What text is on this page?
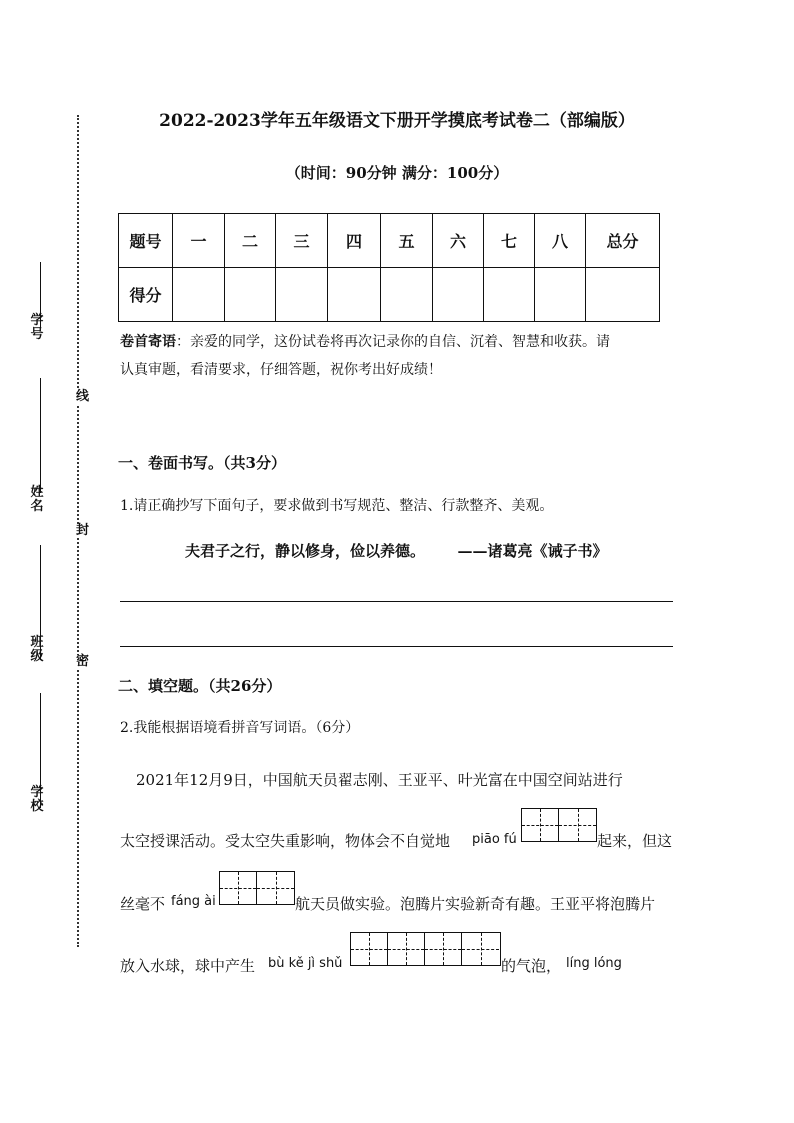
学号
姓名
班级
学校
线
封
密
2022-2023学年五年级语文下册开学摸底考试卷二（部编版）
（时间：90分钟 满分：100分）
题号	一	二	三	四	五	六	七	八	总分
得分									
卷首寄语：亲爱的同学，这份试卷将再次记录你的自信、沉着、智慧和收获。请
认真审题，看清要求，仔细答题，祝你考出好成绩！
一、卷面书写。（共3分）
1.请正确抄写下面句子，要求做到书写规范、整洁、行款整齐、美观。
夫君子之行，静以修身，俭以养德。 ——诸葛亮《诫子书》
二、填空题。（共26分）
2.我能根据语境看拼音写词语。（6分）
2021年12月9日，中国航天员翟志刚、王亚平、叶光富在中国空间站进行
太空授课活动。受太空失重影响，物体会不自觉地 piāo fú	起来，但这
丝毫不 fáng ài	航天员做实验。泡腾片实验新奇有趣。王亚平将泡腾片
放入水球，球中产生 bù kě jì shǔ	的气泡， líng lóng
